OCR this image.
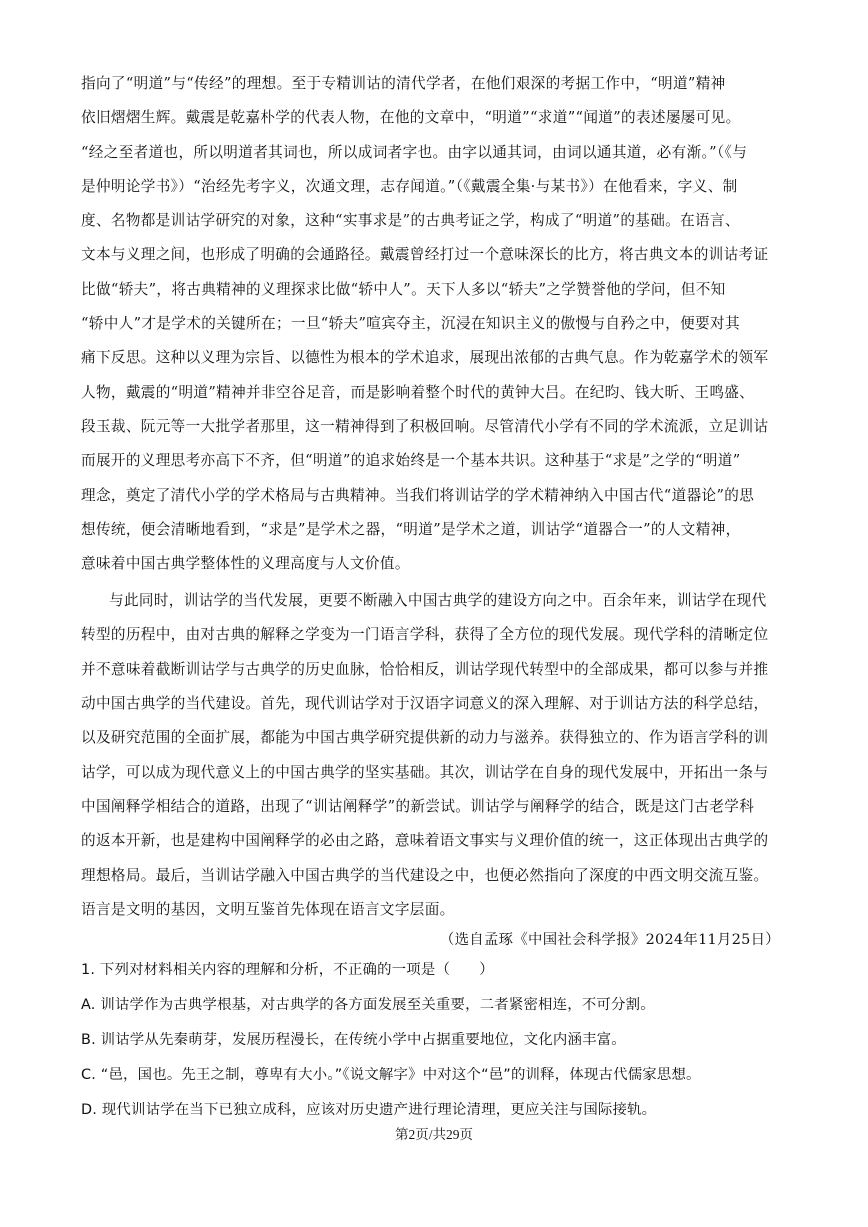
指向了“明道”与“传经”的理想。至于专精训诂的清代学者，在他们艰深的考据工作中，“明道”精神
依旧熠熠生辉。戴震是乾嘉朴学的代表人物，在他的文章中，“明道”“求道”“闻道”的表述屡屡可见。
“经之至者道也，所以明道者其词也，所以成词者字也。由字以通其词，由词以通其道，必有渐。”（《与
是仲明论学书》）“治经先考字义，次通文理，志存闻道。”（《戴震全集·与某书》）在他看来，字义、制
度、名物都是训诂学研究的对象，这种“实事求是”的古典考证之学，构成了“明道”的基础。在语言、
文本与义理之间，也形成了明确的会通路径。戴震曾经打过一个意味深长的比方，将古典文本的训诂考证
比做“轿夫”，将古典精神的义理探求比做“轿中人”。天下人多以“轿夫”之学赞誉他的学问，但不知
“轿中人”才是学术的关键所在；一旦“轿夫”喧宾夺主，沉浸在知识主义的傲慢与自矜之中，便要对其
痛下反思。这种以义理为宗旨、以德性为根本的学术追求，展现出浓郁的古典气息。作为乾嘉学术的领军
人物，戴震的“明道”精神并非空谷足音，而是影响着整个时代的黄钟大吕。在纪昀、钱大昕、王鸣盛、
段玉裁、阮元等一大批学者那里，这一精神得到了积极回响。尽管清代小学有不同的学术流派，立足训诂
而展开的义理思考亦高下不齐，但“明道”的追求始终是一个基本共识。这种基于“求是”之学的“明道”
理念，奠定了清代小学的学术格局与古典精神。当我们将训诂学的学术精神纳入中国古代“道器论”的思
想传统，便会清晰地看到，“求是”是学术之器，“明道”是学术之道，训诂学“道器合一”的人文精神，
意味着中国古典学整体性的义理高度与人文价值。
与此同时，训诂学的当代发展，更要不断融入中国古典学的建设方向之中。百余年来，训诂学在现代
转型的历程中，由对古典的解释之学变为一门语言学科，获得了全方位的现代发展。现代学科的清晰定位
并不意味着截断训诂学与古典学的历史血脉，恰恰相反，训诂学现代转型中的全部成果，都可以参与并推
动中国古典学的当代建设。首先，现代训诂学对于汉语字词意义的深入理解、对于训诂方法的科学总结，
以及研究范围的全面扩展，都能为中国古典学研究提供新的动力与滋养。获得独立的、作为语言学科的训
诂学，可以成为现代意义上的中国古典学的坚实基础。其次，训诂学在自身的现代发展中，开拓出一条与
中国阐释学相结合的道路，出现了“训诂阐释学”的新尝试。训诂学与阐释学的结合，既是这门古老学科
的返本开新，也是建构中国阐释学的必由之路，意味着语文事实与义理价值的统一，这正体现出古典学的
理想格局。最后，当训诂学融入中国古典学的当代建设之中，也便必然指向了深度的中西文明交流互鉴。
语言是文明的基因，文明互鉴首先体现在语言文字层面。
（选自孟琢《中国社会科学报》2024年11月25日）
1. 下列对材料相关内容的理解和分析，不正确的一项是（　　）
A. 训诂学作为古典学根基，对古典学的各方面发展至关重要，二者紧密相连，不可分割。
B. 训诂学从先秦萌芽，发展历程漫长，在传统小学中占据重要地位，文化内涵丰富。
C. “邑，国也。先王之制，尊卑有大小。”《说文解字》中对这个“邑”的训释，体现古代儒家思想。
D. 现代训诂学在当下已独立成科，应该对历史遗产进行理论清理，更应关注与国际接轨。
第2页/共29页
